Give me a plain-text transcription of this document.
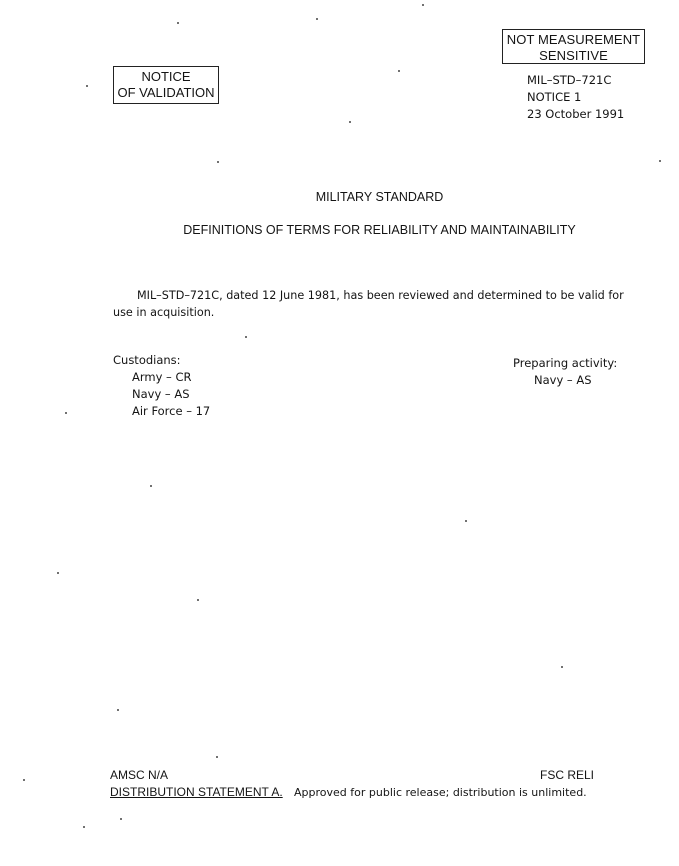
NOTICE
OF VALIDATION
NOT MEASUREMENT
SENSITIVE
MIL–STD–721C
NOTICE 1
23 October 1991
MILITARY STANDARD
DEFINITIONS OF TERMS FOR RELIABILITY AND MAINTAINABILITY
MIL–STD–721C, dated 12 June 1981, has been reviewed and determined to be valid for use in acquisition.
Custodians:
Army – CR
Navy – AS
Air Force – 17
Preparing activity:
Navy – AS
AMSC N/A	FSC RELI
DISTRIBUTION STATEMENT A. Approved for public release; distribution is unlimited.
